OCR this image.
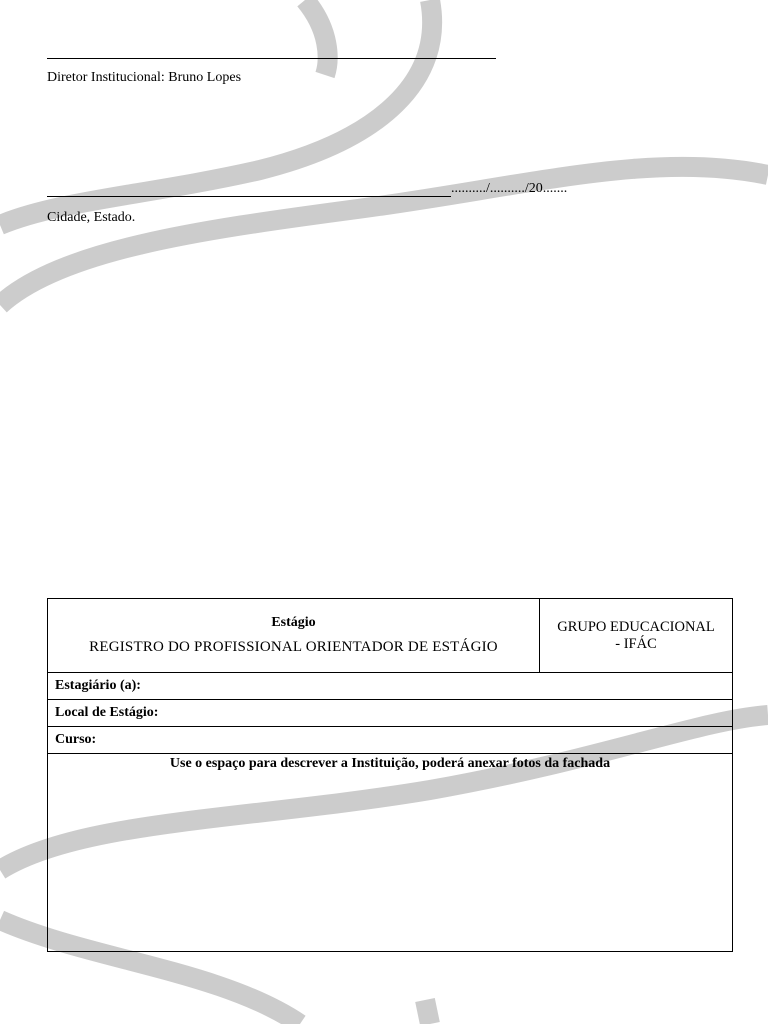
Diretor Institucional: Bruno Lopes
........../........../20.......
Cidade, Estado.
Estágio
REGISTRO DO PROFISSIONAL ORIENTADOR DE ESTÁGIO

GRUPO EDUCACIONAL
- IFÁC

Estagiário (a):
Local de Estágio:
Curso:
Use o espaço para descrever a Instituição, poderá anexar fotos da fachada
